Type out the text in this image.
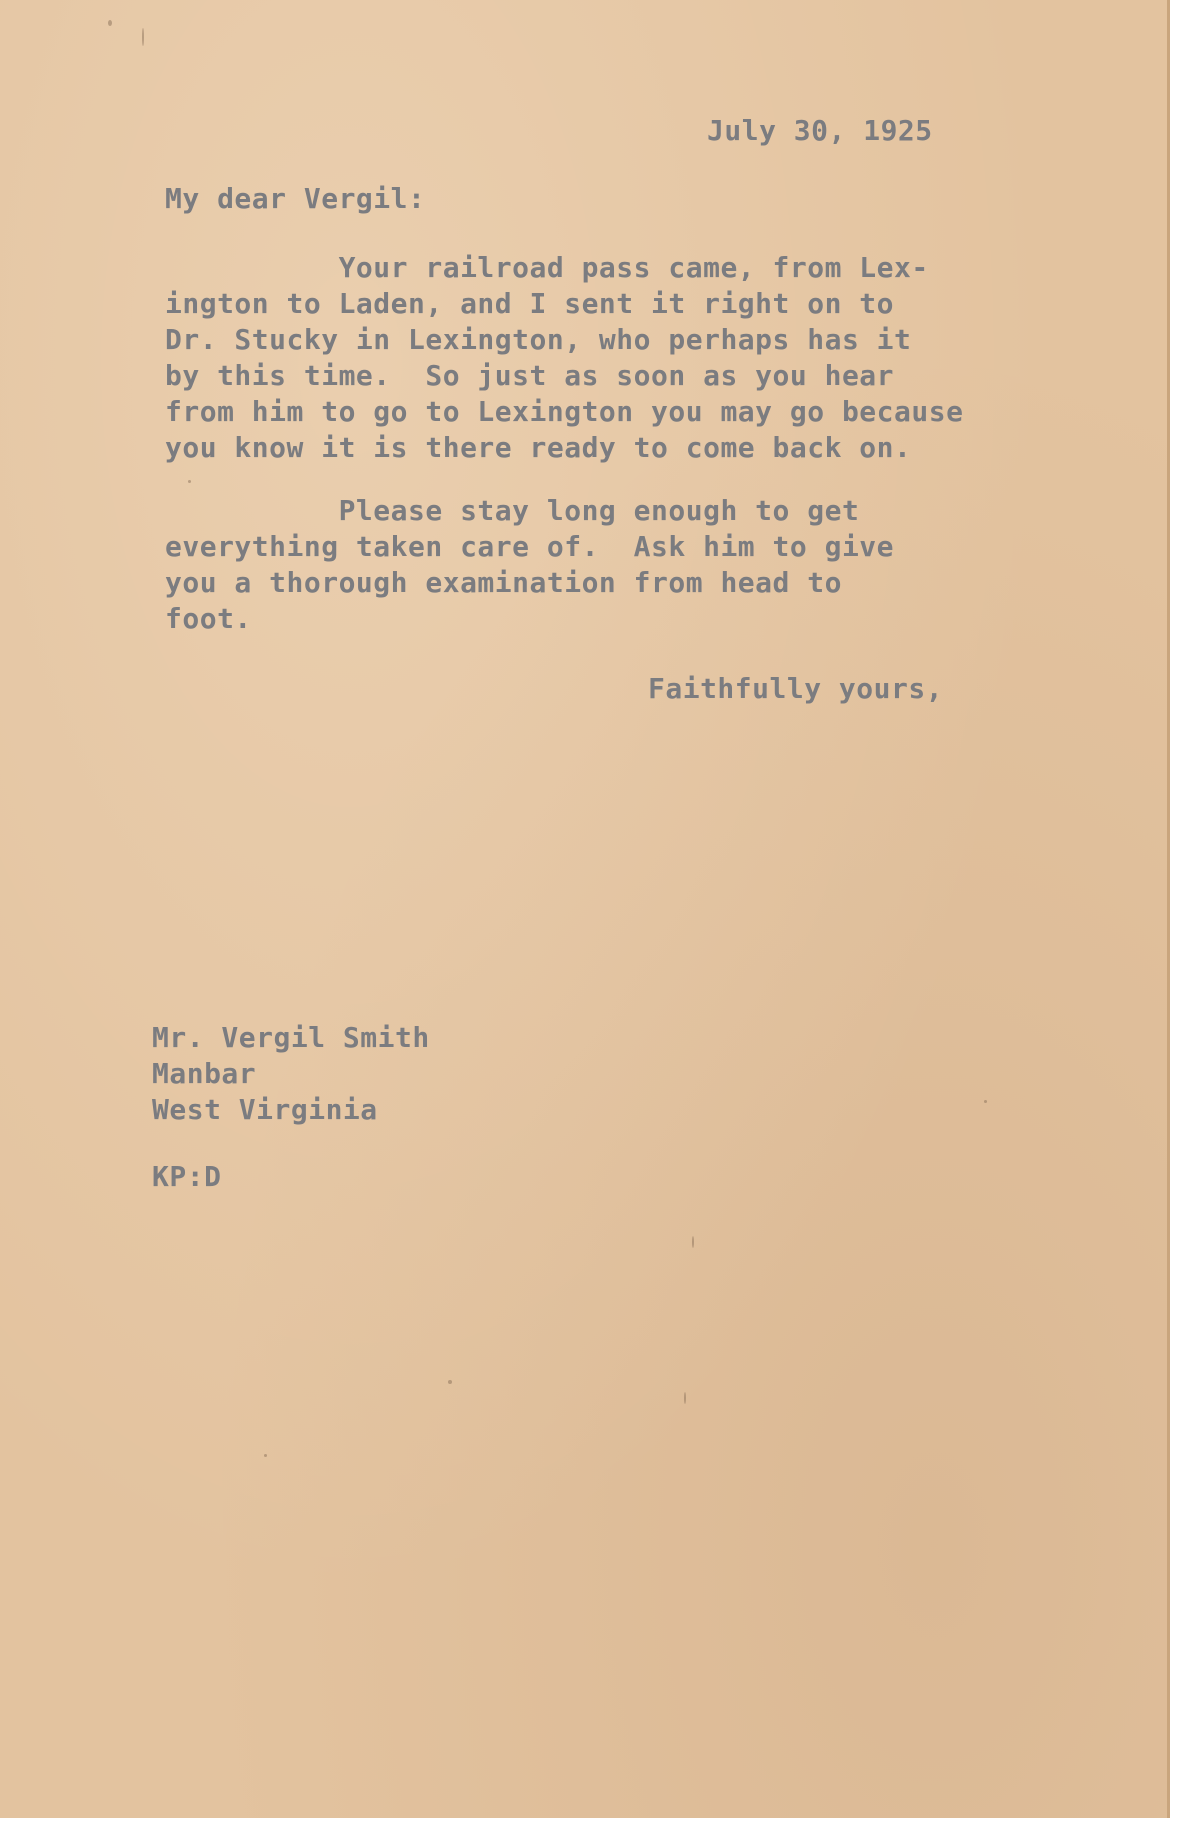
July 30, 1925
My dear Vergil:
Your railroad pass came, from Lex-
ington to Laden, and I sent it right on to
Dr. Stucky in Lexington, who perhaps has it
by this time.  So just as soon as you hear
from him to go to Lexington you may go because
you know it is there ready to come back on.
Please stay long enough to get
everything taken care of.  Ask him to give
you a thorough examination from head to
foot.
Faithfully yours,
Mr. Vergil Smith
Manbar
West Virginia
KP:D
